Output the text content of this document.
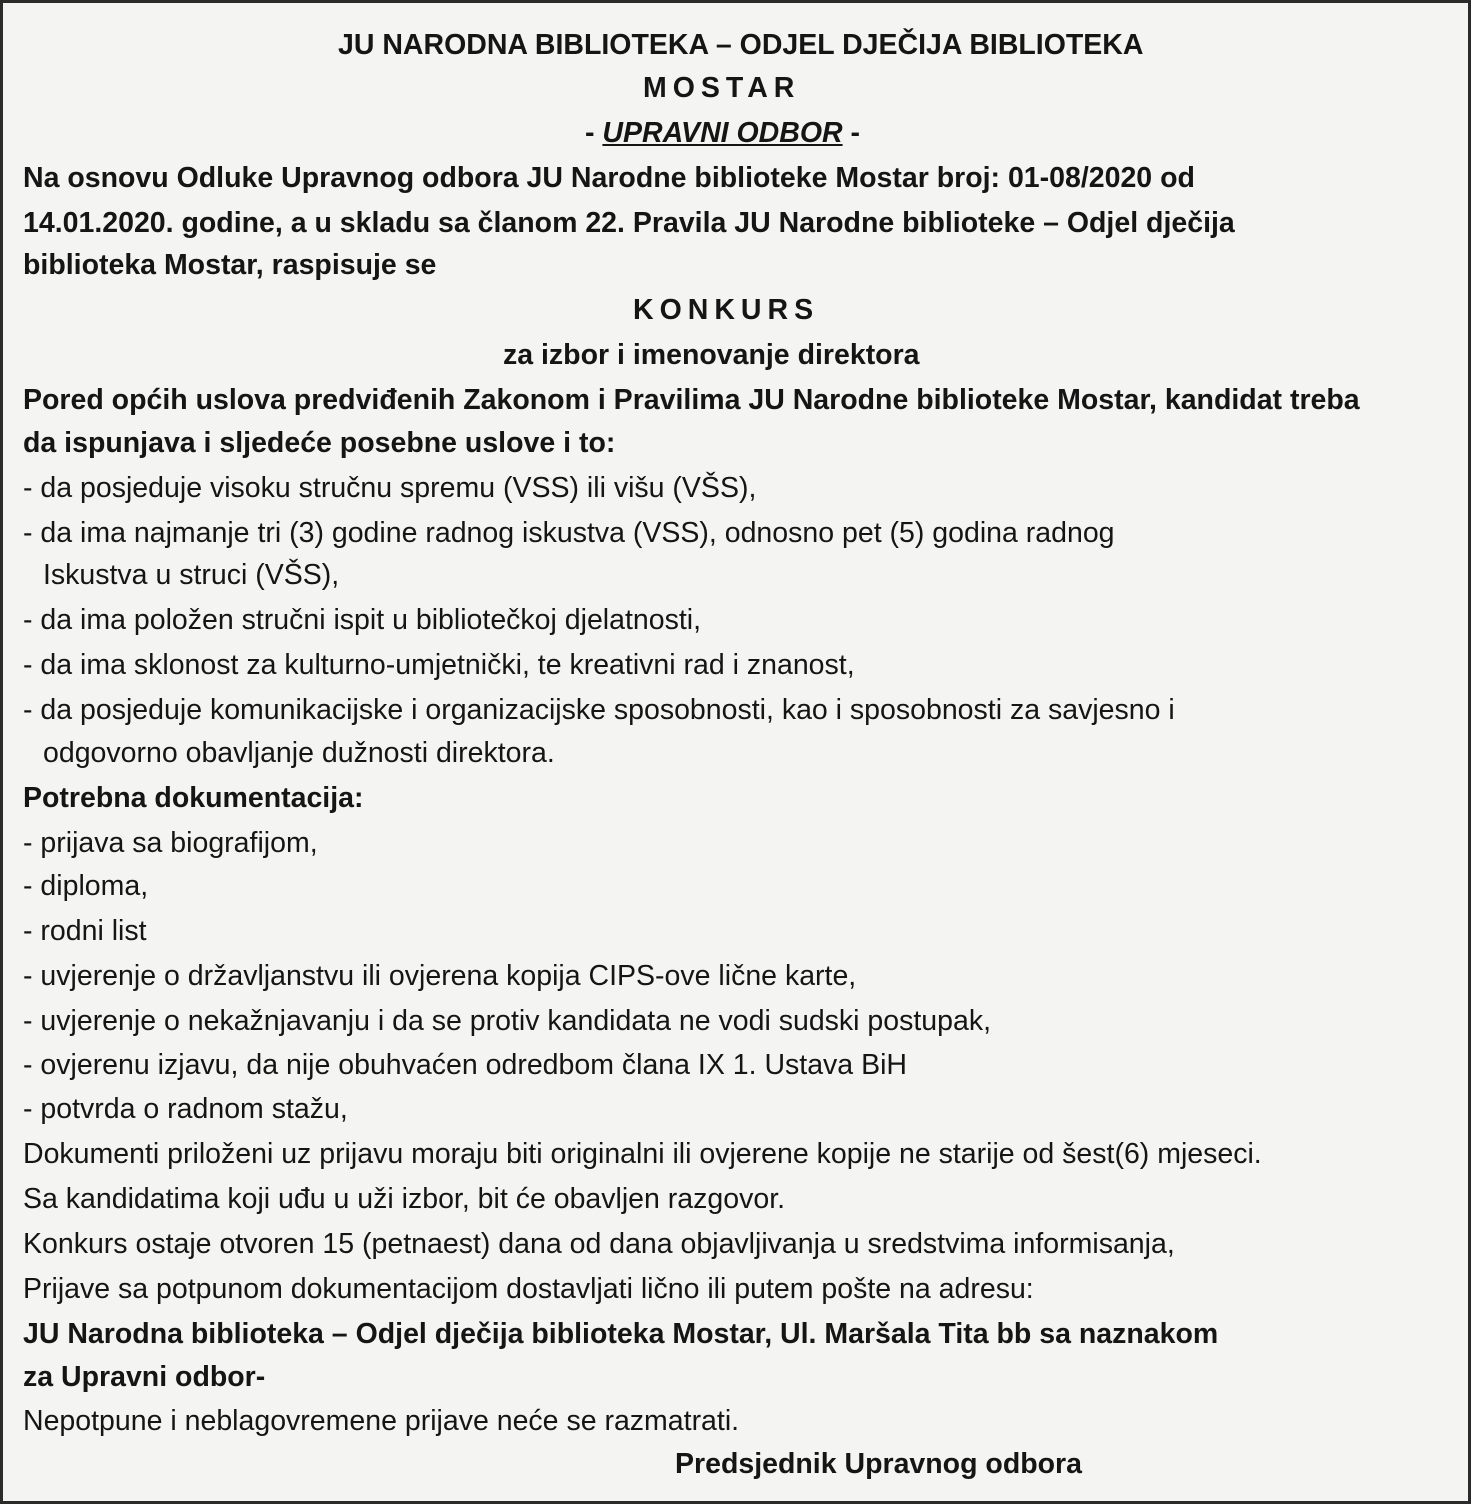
JU NARODNA BIBLIOTEKA – ODJEL DJEČIJA BIBLIOTEKA
MOSTAR
- UPRAVNI ODBOR -
Na osnovu Odluke Upravnog odbora JU Narodne biblioteke Mostar broj: 01-08/2020 od
14.01.2020. godine, a u skladu sa članom 22. Pravila JU Narodne biblioteke – Odjel dječija
biblioteka Mostar, raspisuje se
KONKURS
za izbor i imenovanje direktora
Pored općih uslova predviđenih Zakonom i Pravilima JU Narodne biblioteke Mostar, kandidat treba
da ispunjava i sljedeće posebne uslove i to:
- da posjeduje visoku stručnu spremu (VSS) ili višu (VŠS),
- da ima najmanje tri (3) godine radnog iskustva (VSS), odnosno pet (5) godina radnog
Iskustva u struci (VŠS),
- da ima položen stručni ispit u bibliotečkoj djelatnosti,
- da ima sklonost za kulturno-umjetnički, te kreativni rad i znanost,
- da posjeduje komunikacijske i organizacijske sposobnosti, kao i sposobnosti za savjesno i
odgovorno obavljanje dužnosti direktora.
Potrebna dokumentacija:
- prijava sa biografijom,
- diploma,
- rodni list
- uvjerenje o državljanstvu ili ovjerena kopija CIPS-ove lične karte,
- uvjerenje o nekažnjavanju i da se protiv kandidata ne vodi sudski postupak,
- ovjerenu izjavu, da nije obuhvaćen odredbom člana IX 1. Ustava BiH
- potvrda o radnom stažu,
Dokumenti priloženi uz prijavu moraju biti originalni ili ovjerene kopije ne starije od šest(6) mjeseci.
Sa kandidatima koji uđu u uži izbor, bit će obavljen razgovor.
Konkurs ostaje otvoren 15 (petnaest) dana od dana objavljivanja u sredstvima informisanja,
Prijave sa potpunom dokumentacijom dostavljati lično ili putem pošte na adresu:
JU Narodna biblioteka – Odjel dječija biblioteka Mostar, Ul. Maršala Tita bb sa naznakom
za Upravni odbor-
Nepotpune i neblagovremene prijave neće se razmatrati.
Predsjednik Upravnog odbora
